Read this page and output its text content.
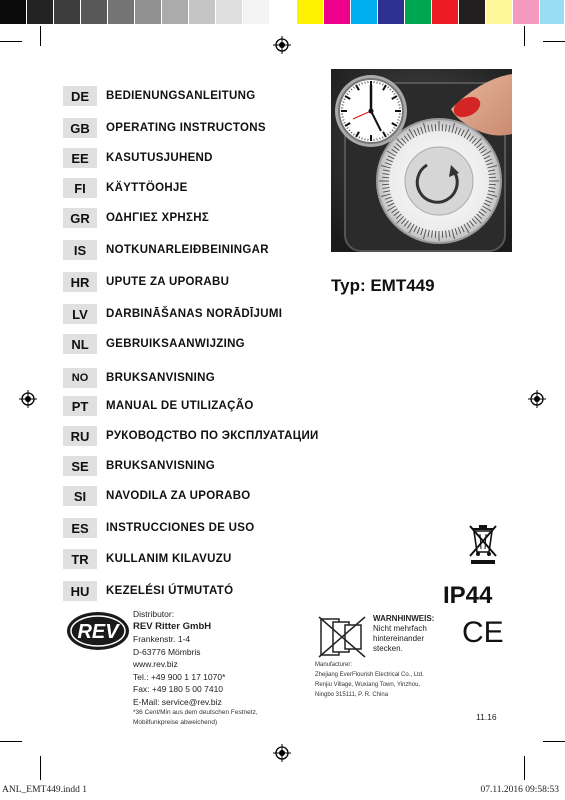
DE	BEDIENUNGSANLEITUNG
GB	OPERATING INSTRUCTONS
EE	KASUTUSJUHEND
FI	KÄYTTÖOHJE
GR	ΟΔΗΓΙΕΣ ΧΡΗΣΗΣ
IS	NOTKUNARLEIÐBEININGAR
HR	UPUTE ZA UPORABU
LV	DARBINĀŠANAS NORĀDĪJUMI
NL	GEBRUIKSAANWIJZING
NO	BRUKSANVISNING
PT	MANUAL DE UTILIZAÇÃO
RU	РУКОВОДСТВО ПО ЭКСПЛУАТАЦИИ
SE	BRUKSANVISNING
SI	NAVODILA ZA UPORABO
ES	INSTRUCCIONES DE USO
TR	KULLANIM KILAVUZU
HU	KEZELÉSI ÚTMUTATÓ
Typ: EMT449
REV
Distributor:
REV Ritter GmbH
Frankenstr. 1-4
D-63776 Mömbris
www.rev.biz
Tel.: +49 900 1 17 1070*
Fax: +49 180 5 00 7410
E-Mail: service@rev.biz
*36 Cent/Min aus dem deutschen Festnetz,
Mobilfunkpreise abweichend)
WARNHINWEIS:
Nicht mehrfach
hintereinander
stecken.
Manufacturer:
Zhejiang EverFlourish Electrical Co., Ltd.
Renjiu Village, Wuxiang Town, Yinzhou,
Ningbo 315111, P. R. China
IP44
CE
11.16
ANL_EMT449.indd 1	07.11.2016 09:58:53
